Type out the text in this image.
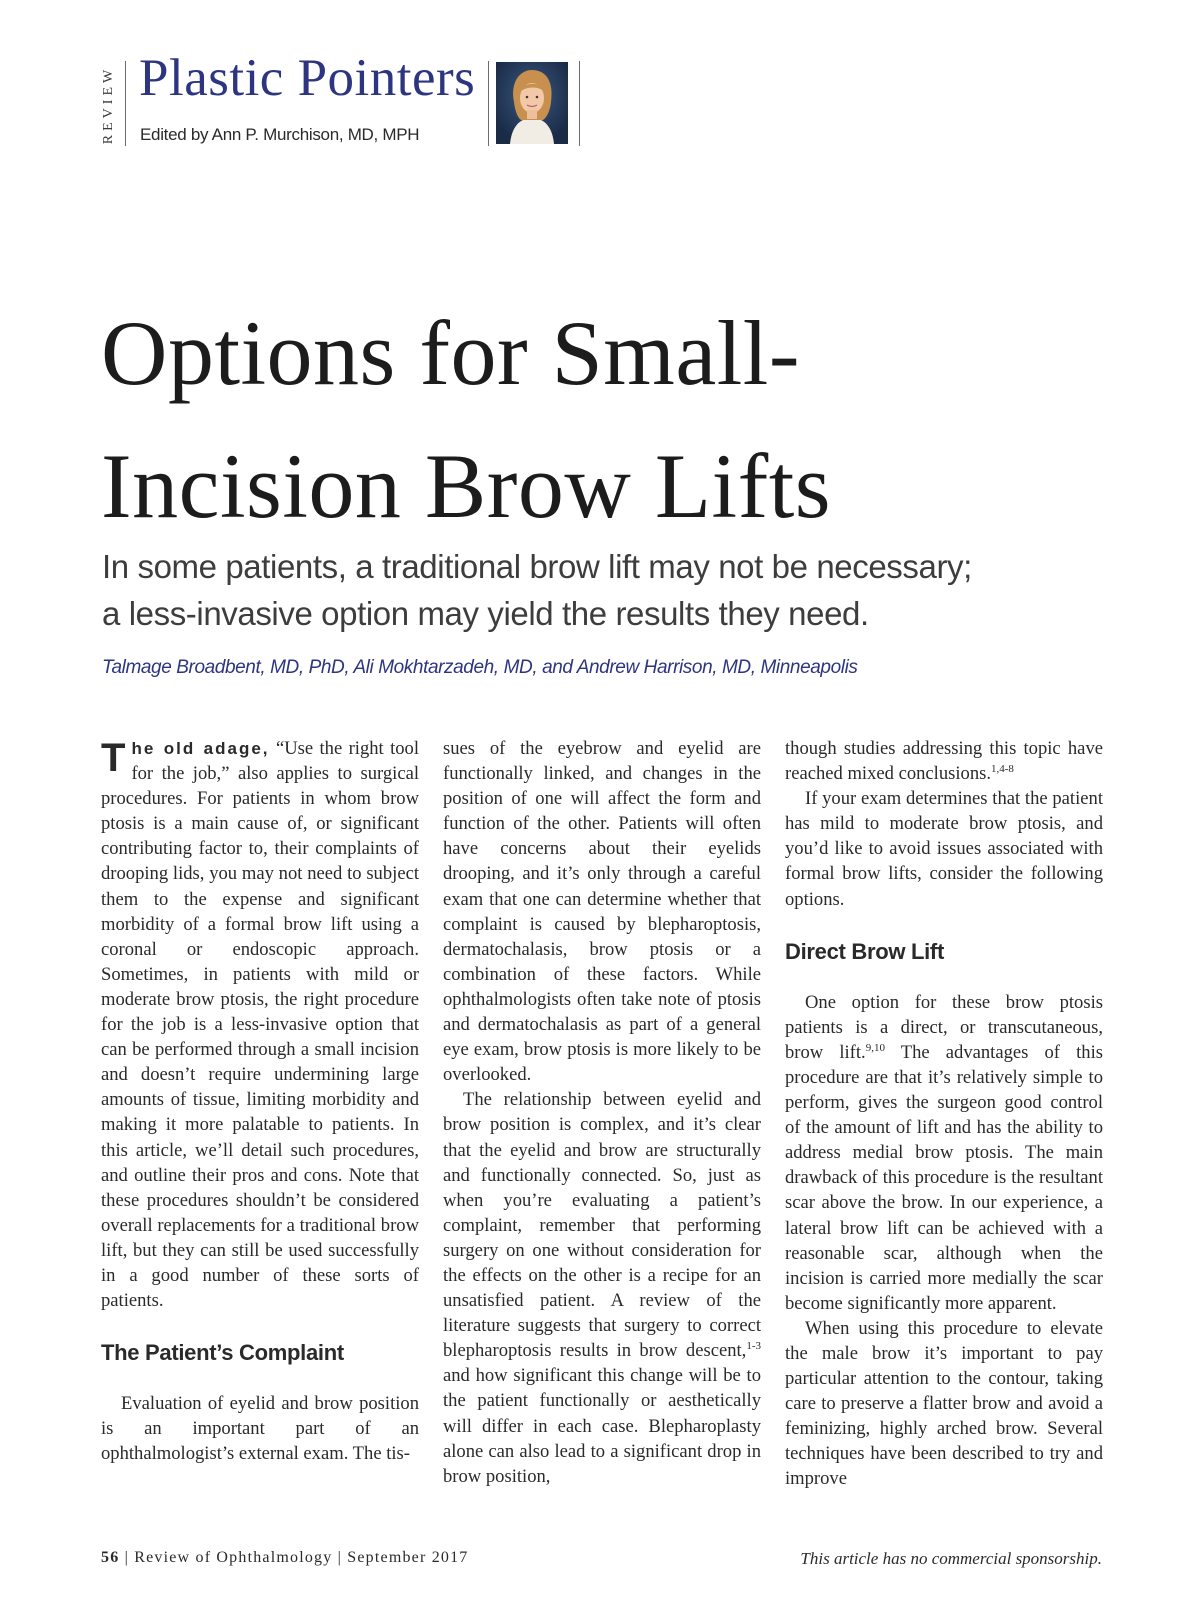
REVIEW Plastic Pointers
Edited by Ann P. Murchison, MD, MPH
Options for Small-
Incision Brow Lifts
In some patients, a traditional brow lift may not be necessary;
a less-invasive option may yield the results they need.
Talmage Broadbent, MD, PhD, Ali Mokhtarzadeh, MD, and Andrew Harrison, MD, Minneapolis

The old adage, “Use the right tool for the job,” also applies to surgical procedures. For patients in whom brow ptosis is a main cause of, or significant contributing factor to, their complaints of drooping lids, you may not need to subject them to the expense and significant morbidity of a formal brow lift using a coronal or endoscopic approach. Sometimes, in patients with mild or moderate brow ptosis, the right procedure for the job is a less-invasive option that can be performed through a small incision and doesn’t require undermining large amounts of tissue, limiting morbidity and making it more palatable to patients. In this article, we’ll detail such procedures, and outline their pros and cons. Note that these procedures shouldn’t be considered overall replacements for a traditional brow lift, but they can still be used successfully in a good number of these sorts of patients.

The Patient’s Complaint

Evaluation of eyelid and brow position is an important part of an ophthalmologist’s external exam. The tis-

sues of the eyebrow and eyelid are functionally linked, and changes in the position of one will affect the form and function of the other. Patients will often have concerns about their eyelids drooping, and it’s only through a careful exam that one can determine whether that complaint is caused by blepharoptosis, dermatochalasis, brow ptosis or a combination of these factors. While ophthalmologists often take note of ptosis and dermatochalasis as part of a general eye exam, brow ptosis is more likely to be overlooked.

The relationship between eyelid and brow position is complex, and it’s clear that the eyelid and brow are structurally and functionally connected. So, just as when you’re evaluating a patient’s complaint, remember that performing surgery on one without consideration for the effects on the other is a recipe for an unsatisfied patient. A review of the literature suggests that surgery to correct blepharoptosis results in brow descent,$^{1-3}$ and how significant this change will be to the patient functionally or aesthetically will differ in each case. Blepharoplasty alone can also lead to a significant drop in brow position,

though studies addressing this topic have reached mixed conclusions.$^{1,4-8}$

If your exam determines that the patient has mild to moderate brow ptosis, and you’d like to avoid issues associated with formal brow lifts, consider the following options.

Direct Brow Lift

One option for these brow ptosis patients is a direct, or transcutaneous, brow lift.$^{9,10}$ The advantages of this procedure are that it’s relatively simple to perform, gives the surgeon good control of the amount of lift and has the ability to address medial brow ptosis. The main drawback of this procedure is the resultant scar above the brow. In our experience, a lateral brow lift can be achieved with a reasonable scar, although when the incision is carried more medially the scar become significantly more apparent.

When using this procedure to elevate the male brow it’s important to pay particular attention to the contour, taking care to preserve a flatter brow and avoid a feminizing, highly arched brow. Several techniques have been described to try and improve

56 | Review of Ophthalmology | September 2017	This article has no commercial sponsorship.
